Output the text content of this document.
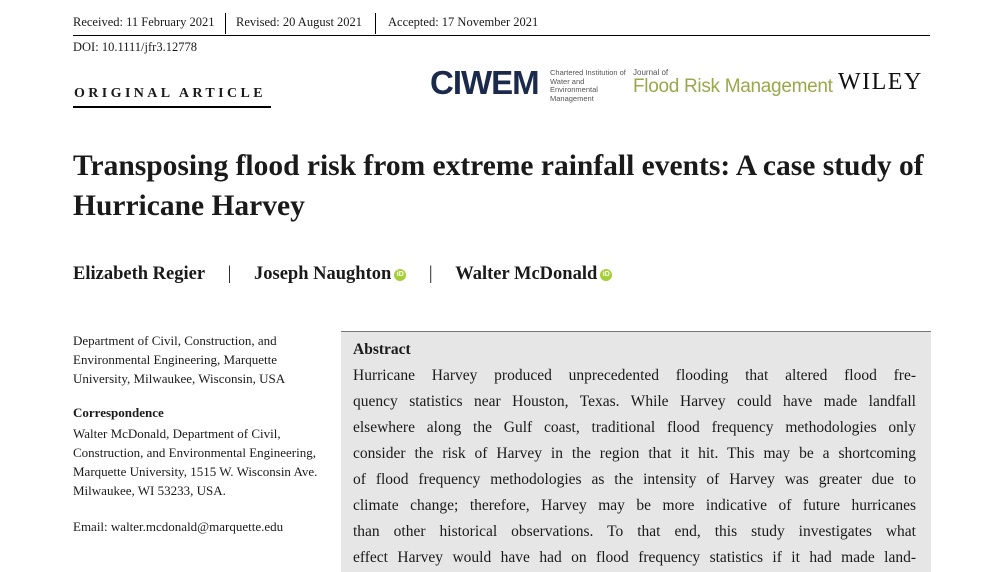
Received: 11 February 2021 Revised: 20 August 2021 Accepted: 17 November 2021
DOI: 10.1111/jfr3.12778
ORIGINAL ARTICLE	CIWEM Chartered Institution of Water and Environmental Management
Journal of
Flood Risk Management WILEY
Transposing flood risk from extreme rainfall events: A case study of Hurricane Harvey
Elizabeth Regier | Joseph Naughton iD | Walter McDonald iD
Department of Civil, Construction, and Environmental Engineering, Marquette University, Milwaukee, Wisconsin, USA
Correspondence
Walter McDonald, Department of Civil, Construction, and Environmental Engineering, Marquette University, 1515 W. Wisconsin Ave. Milwaukee, WI 53233, USA.
Email: walter.mcdonald@marquette.edu
Abstract
Hurricane Harvey produced unprecedented flooding that altered flood fre-
quency statistics near Houston, Texas. While Harvey could have made landfall
elsewhere along the Gulf coast, traditional flood frequency methodologies only
consider the risk of Harvey in the region that it hit. This may be a shortcoming
of flood frequency methodologies as the intensity of Harvey was greater due to
climate change; therefore, Harvey may be more indicative of future hurricanes
than other historical observations. To that end, this study investigates what
effect Harvey would have had on flood frequency statistics if it had made land-
